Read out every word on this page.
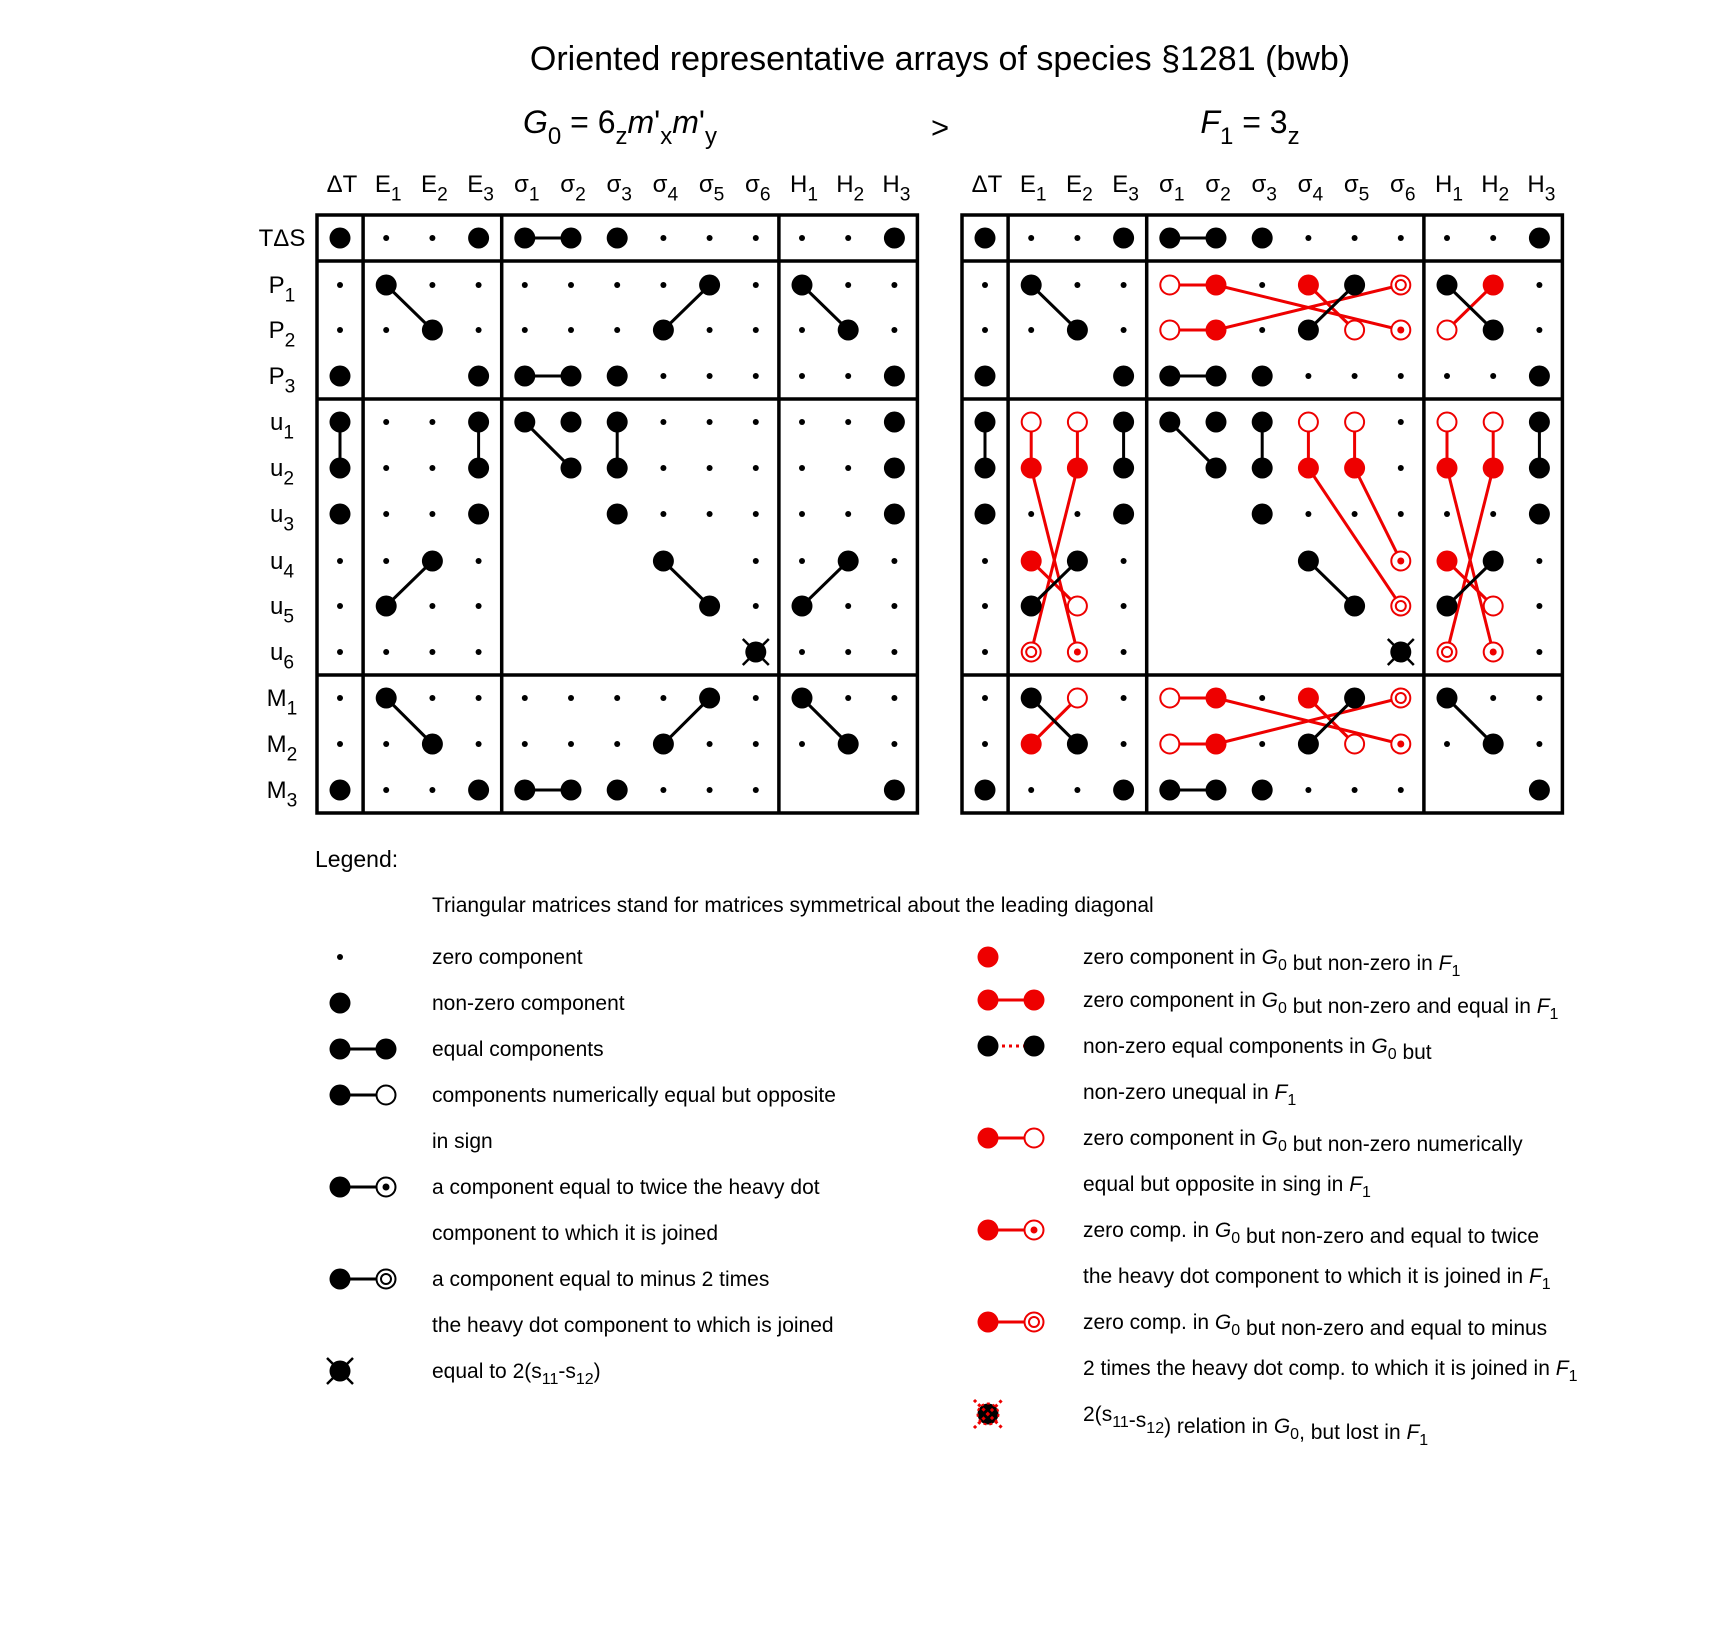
Oriented representative arrays of species §1281 (bwb)
>
$G_0 = 6_zm'_xm'_y$
ΔT $E_1$ $E_2$ $E_3$ $\sigma_1$ $\sigma_2$ $\sigma_3$ $\sigma_4$ $\sigma_5$ $\sigma_6$ $H_1$ $H_2$ $H_3$
$F_1 = 3_z$
ΔT $E_1$ $E_2$ $E_3$ $\sigma_1$ $\sigma_2$ $\sigma_3$ $\sigma_4$ $\sigma_5$ $\sigma_6$ $H_1$ $H_2$ $H_3$
TΔS
$P_1$
$P_2$
$P_3$
$u_1$
$u_2$
$u_3$
$u_4$
$u_5$
$u_6$
$M_1$
$M_2$
$M_3$
Legend:
Triangular matrices stand for matrices symmetrical about the leading diagonal
zero component
non-zero component
equal components
components numerically equal but opposite
in sign
a component equal to twice the heavy dot
component to which it is joined
a component equal to minus 2 times
the heavy dot component to which is joined
equal to $2(s_{11}-s_{12})$
zero component in $G_0$ but non-zero in $F_1$
zero component in $G_0$ but non-zero and equal in $F_1$
non-zero equal components in $G_0$ but
non-zero unequal in $F_1$
zero component in $G_0$ but non-zero numerically
equal but opposite in sing in $F_1$
zero comp. in $G_0$ but non-zero and equal to twice
the heavy dot component to which it is joined in $F_1$
zero comp. in $G_0$ but non-zero and equal to minus
2 times the heavy dot comp. to which it is joined in $F_1$
$2(s_{11}-s_{12})$ relation in $G_0$, but lost in $F_1$
